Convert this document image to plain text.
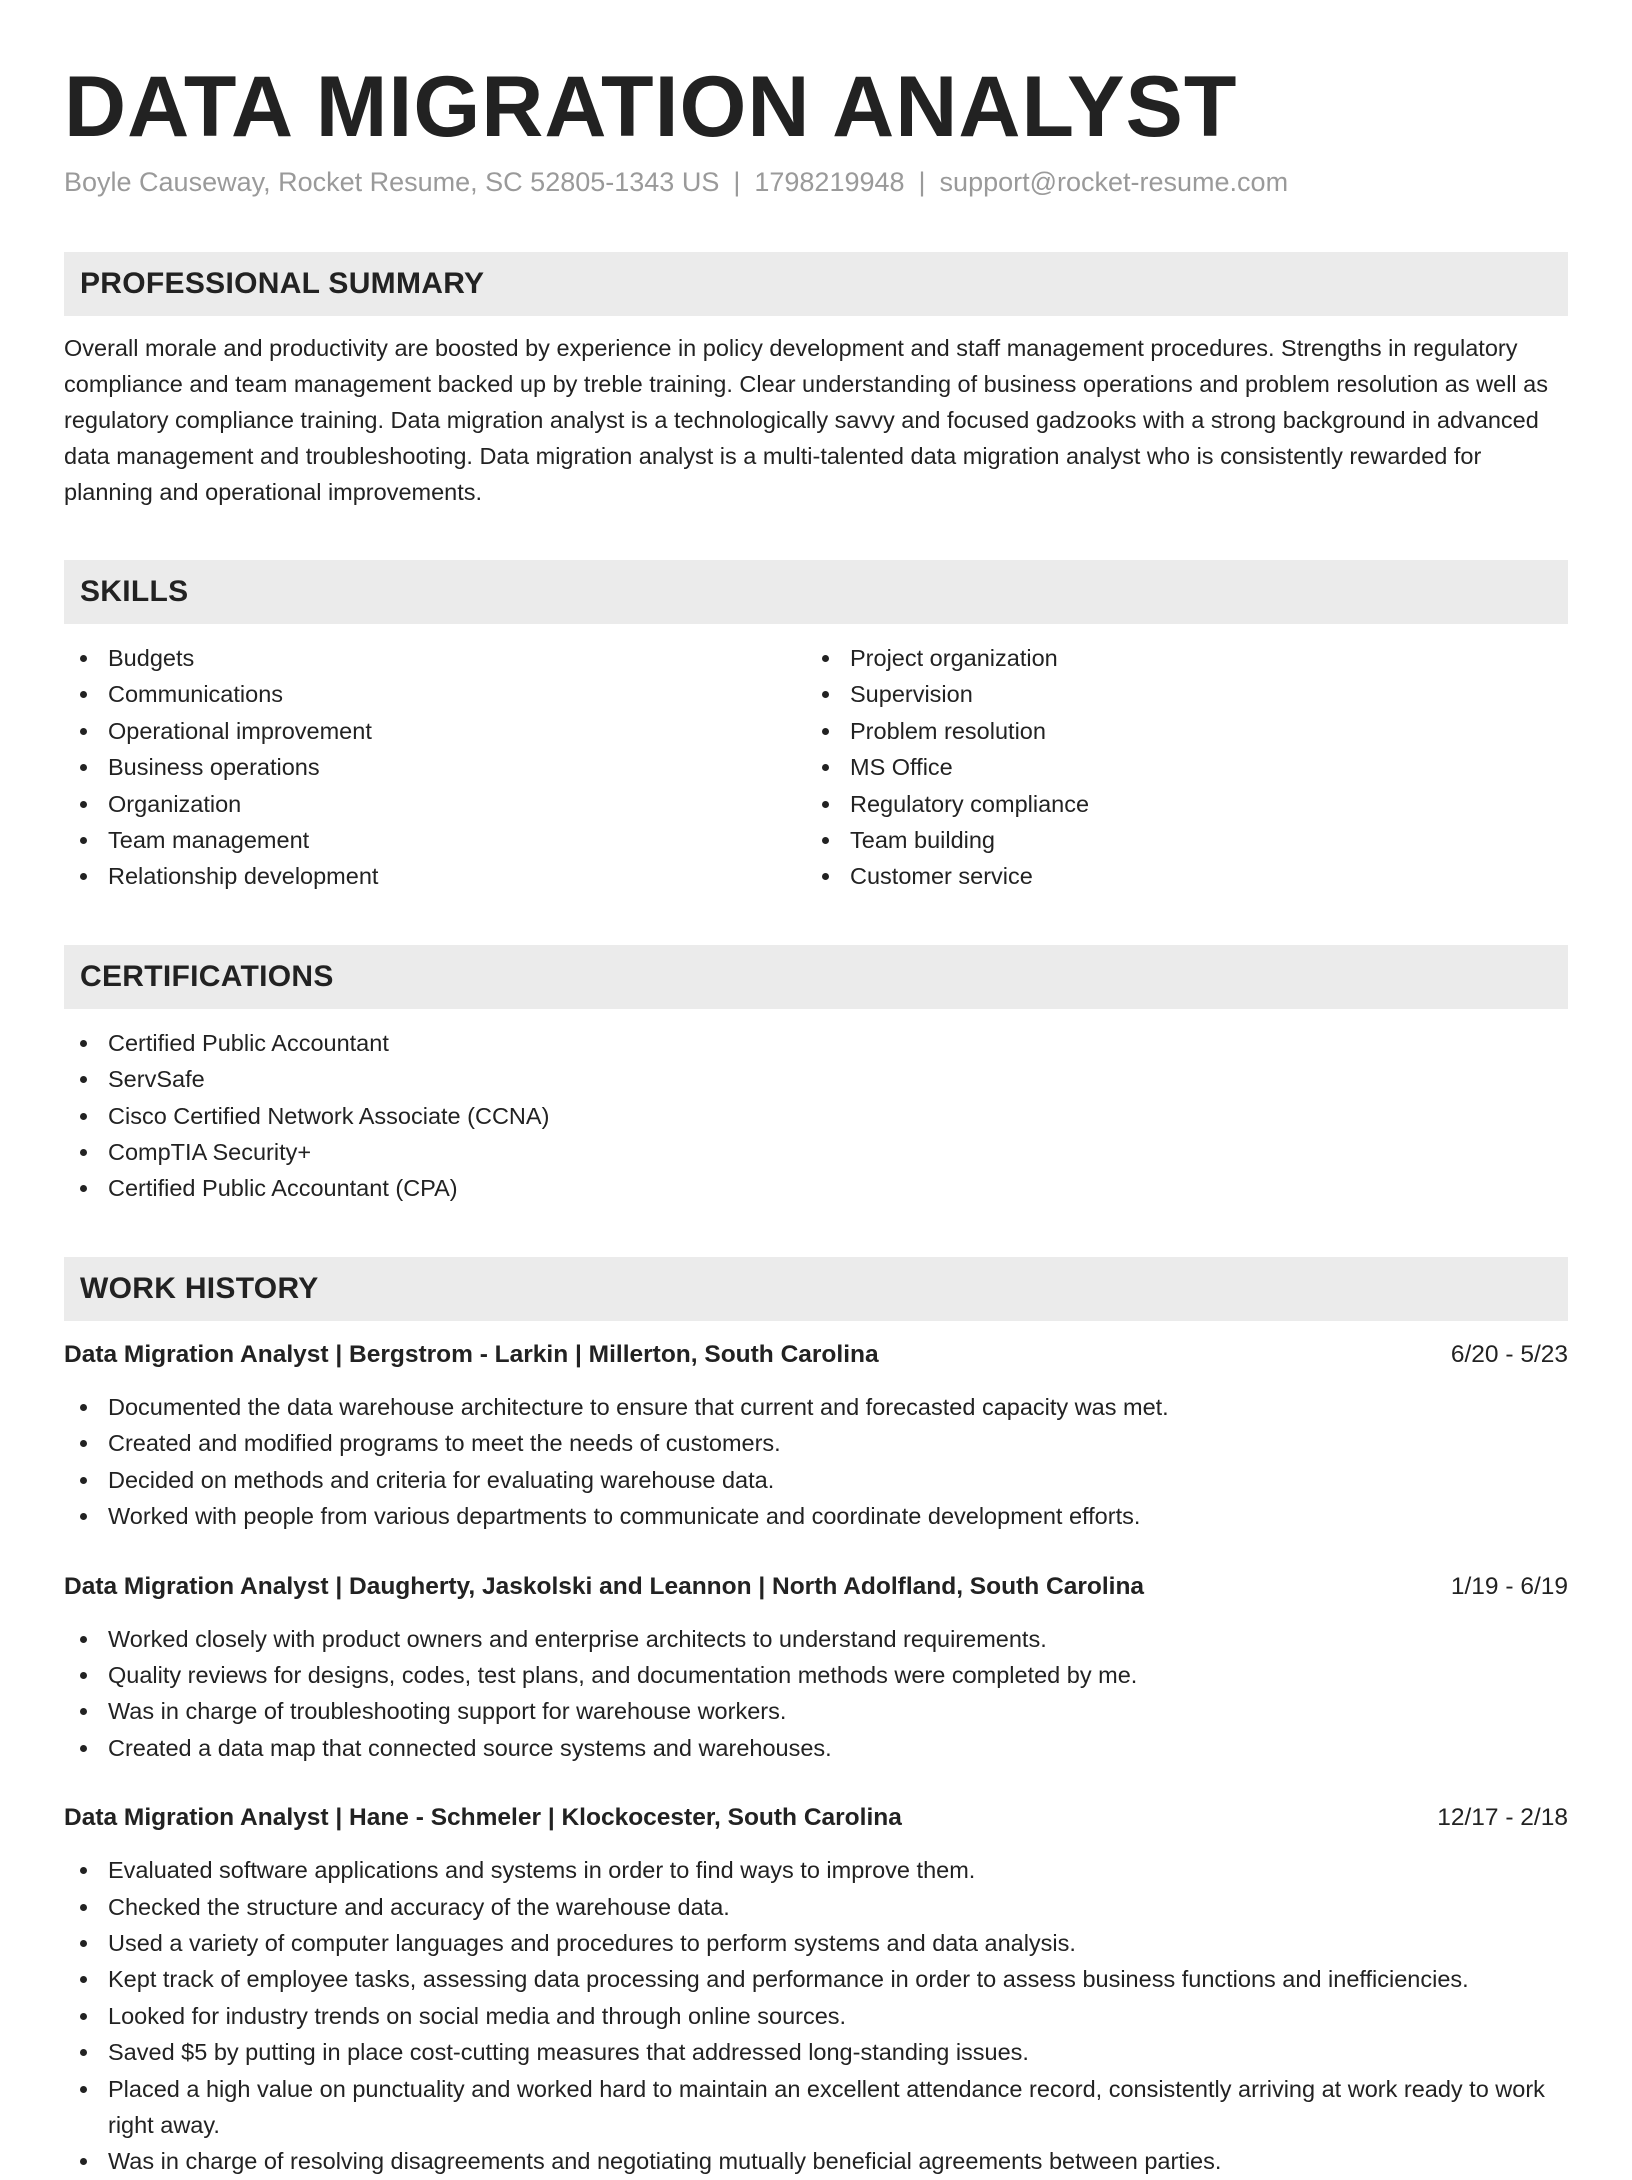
DATA MIGRATION ANALYST
Boyle Causeway, Rocket Resume, SC 52805-1343 US | 1798219948 | support@rocket-resume.com
PROFESSIONAL SUMMARY
Overall morale and productivity are boosted by experience in policy development and staff management procedures. Strengths in regulatory compliance and team management backed up by treble training. Clear understanding of business operations and problem resolution as well as regulatory compliance training. Data migration analyst is a technologically savvy and focused gadzooks with a strong background in advanced data management and troubleshooting. Data migration analyst is a multi-talented data migration analyst who is consistently rewarded for planning and operational improvements.
SKILLS
Budgets
Communications
Operational improvement
Business operations
Organization
Team management
Relationship development
Project organization
Supervision
Problem resolution
MS Office
Regulatory compliance
Team building
Customer service
CERTIFICATIONS
Certified Public Accountant
ServSafe
Cisco Certified Network Associate (CCNA)
CompTIA Security+
Certified Public Accountant (CPA)
WORK HISTORY
Data Migration Analyst | Bergstrom - Larkin | Millerton, South Carolina	6/20 - 5/23
Documented the data warehouse architecture to ensure that current and forecasted capacity was met.
Created and modified programs to meet the needs of customers.
Decided on methods and criteria for evaluating warehouse data.
Worked with people from various departments to communicate and coordinate development efforts.
Data Migration Analyst | Daugherty, Jaskolski and Leannon | North Adolfland, South Carolina	1/19 - 6/19
Worked closely with product owners and enterprise architects to understand requirements.
Quality reviews for designs, codes, test plans, and documentation methods were completed by me.
Was in charge of troubleshooting support for warehouse workers.
Created a data map that connected source systems and warehouses.
Data Migration Analyst | Hane - Schmeler | Klockocester, South Carolina	12/17 - 2/18
Evaluated software applications and systems in order to find ways to improve them.
Checked the structure and accuracy of the warehouse data.
Used a variety of computer languages and procedures to perform systems and data analysis.
Kept track of employee tasks, assessing data processing and performance in order to assess business functions and inefficiencies.
Looked for industry trends on social media and through online sources.
Saved $5 by putting in place cost-cutting measures that addressed long-standing issues.
Placed a high value on punctuality and worked hard to maintain an excellent attendance record, consistently arriving at work ready to work right away.
Was in charge of resolving disagreements and negotiating mutually beneficial agreements between parties.
